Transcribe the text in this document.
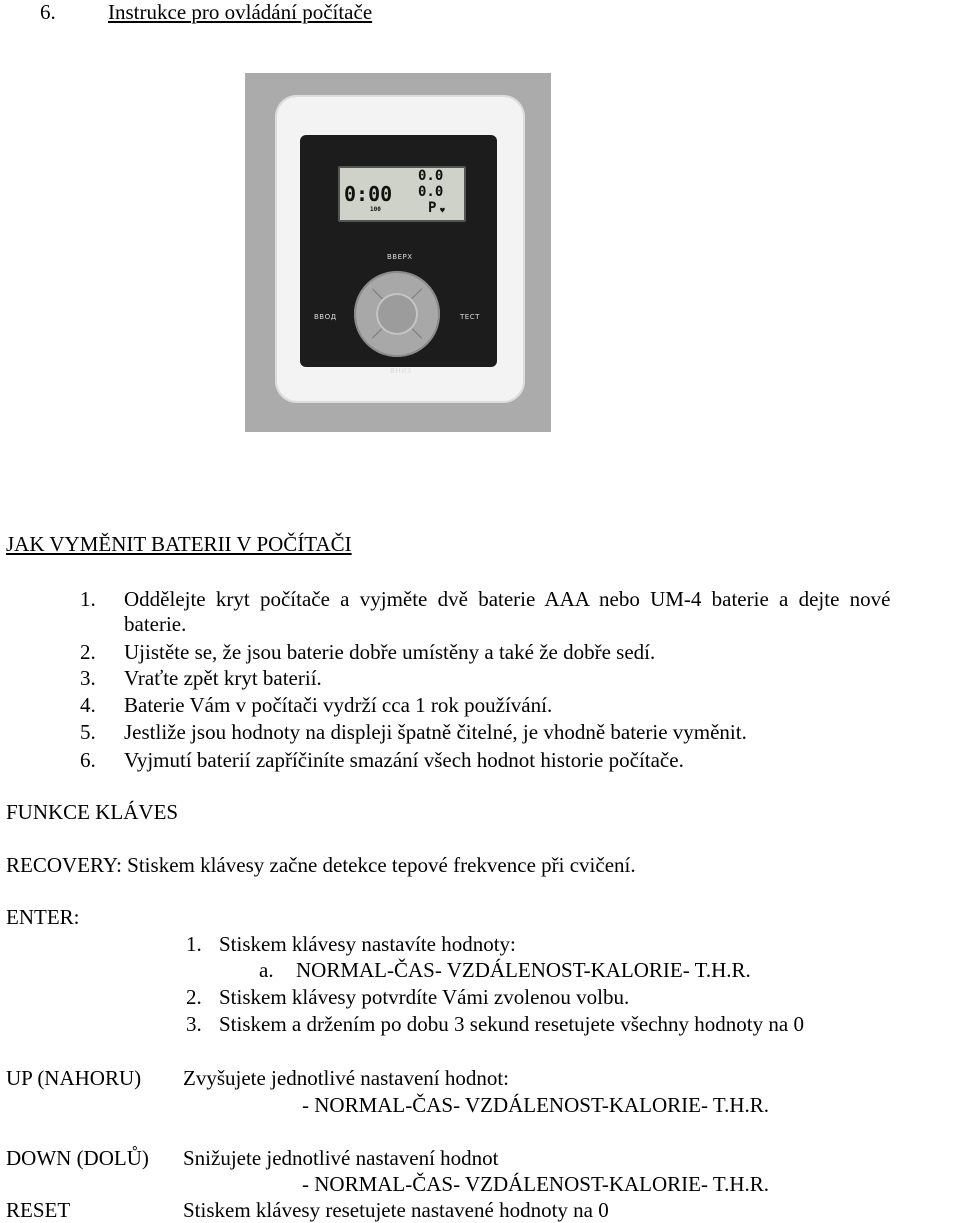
6. Instrukce pro ovládání počítače
0:00
0.0
0.0
100	P ♥
ВВЕРХ
ВВОД	ТЕСТ
ВНИЗ
JAK VYMĚNIT BATERII V POČÍTAČI
1. Oddělejte kryt počítače a vyjměte dvě baterie AAA nebo UM-4 baterie a dejte nové
baterie.
2. Ujistěte se, že jsou baterie dobře umístěny a také že dobře sedí.
3. Vraťte zpět kryt baterií.
4. Baterie Vám v počítači vydrží cca 1 rok používání.
5. Jestliže jsou hodnoty na displeji špatně čitelné, je vhodně baterie vyměnit.
6. Vyjmutí baterií zapříčiníte smazání všech hodnot historie počítače.
FUNKCE KLÁVES
RECOVERY: Stiskem klávesy začne detekce tepové frekvence při cvičení.
ENTER:
1. Stiskem klávesy nastavíte hodnoty:
a. NORMAL-ČAS- VZDÁLENOST-KALORIE- T.H.R.
2. Stiskem klávesy potvrdíte Vámi zvolenou volbu.
3. Stiskem a držením po dobu 3 sekund resetujete všechny hodnoty na 0
UP (NAHORU) Zvyšujete jednotlivé nastavení hodnot:
- NORMAL-ČAS- VZDÁLENOST-KALORIE- T.H.R.
DOWN (DOLŮ) Snižujete jednotlivé nastavení hodnot
- NORMAL-ČAS- VZDÁLENOST-KALORIE- T.H.R.
RESET	Stiskem klávesy resetujete nastavené hodnoty na 0
